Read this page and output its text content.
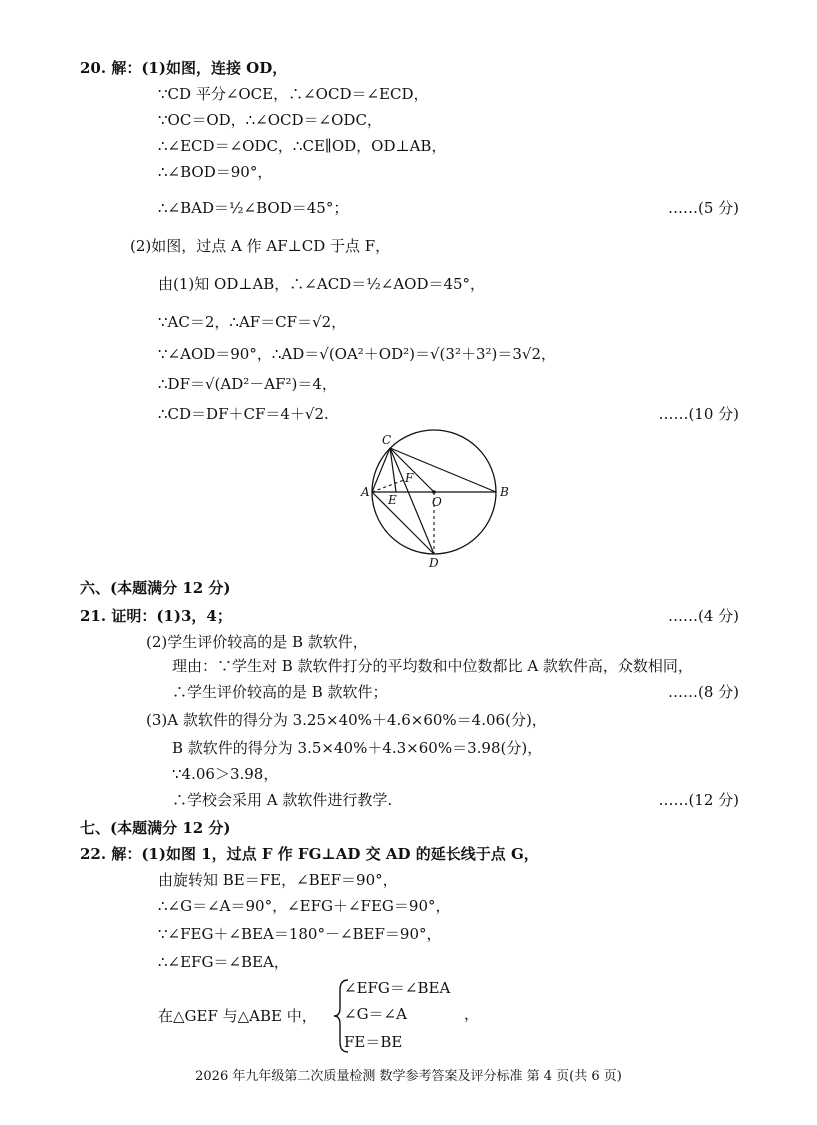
20. 解：(1)如图，连接 OD，
∵CD 平分∠OCE，∴∠OCD＝∠ECD，
∵OC＝OD，∴∠OCD＝∠ODC，
∴∠ECD＝∠ODC，∴CE∥OD，OD⊥AB，
∴∠BOD＝90°，
∴∠BAD＝½∠BOD＝45°；	……(5 分)
(2)如图，过点 A 作 AF⊥CD 于点 F，
由(1)知 OD⊥AB，∴∠ACD＝½∠AOD＝45°，
∵AC＝2，∴AF＝CF＝√2，
∵∠AOD＝90°，∴AD＝√(OA²＋OD²)＝√(3²＋3²)＝3√2，
∴DF＝√(AD²－AF²)＝4，
∴CD＝DF＋CF＝4＋√2.	……(10 分)
C
A
E
F
O
B
D
六、(本题满分 12 分)
21. 证明：(1)3，4；	……(4 分)
(2)学生评价较高的是 B 款软件，
理由：∵学生对 B 款软件打分的平均数和中位数都比 A 款软件高，众数相同，
∴学生评价较高的是 B 款软件；	……(8 分)
(3)A 款软件的得分为 3.25×40%＋4.6×60%＝4.06(分)，
B 款软件的得分为 3.5×40%＋4.3×60%＝3.98(分)，
∵4.06＞3.98，
∴学校会采用 A 款软件进行教学.	……(12 分)
七、(本题满分 12 分)
22. 解：(1)如图 1，过点 F 作 FG⊥AD 交 AD 的延长线于点 G，
由旋转知 BE＝FE，∠BEF＝90°，
∴∠G＝∠A＝90°，∠EFG＋∠FEG＝90°，
∵∠FEG＋∠BEA＝180°－∠BEF＝90°，
∴∠EFG＝∠BEA，
在△GEF 与△ABE 中，
∠EFG＝∠BEA
∠G＝∠A
FE＝BE
，
2026 年九年级第二次质量检测 数学参考答案及评分标准 第 4 页(共 6 页)
